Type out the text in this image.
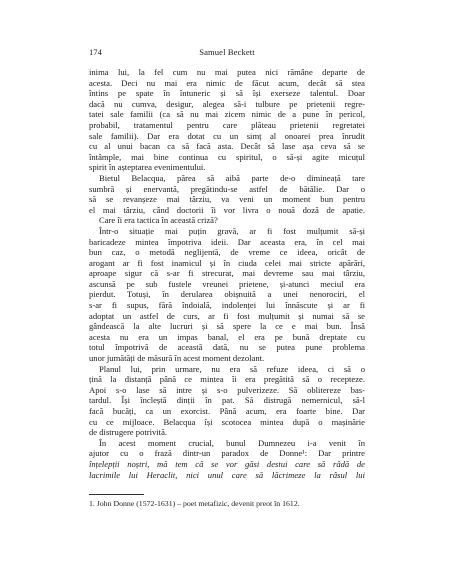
174	Samuel Beckett
inima lui, la fel cum nu mai putea nici rămâne departe de
acesta. Deci nu mai era nimic de făcut acum, decât să stea
întins pe spate în întuneric și să își exerseze talentul. Doar
dacă nu cumva, desigur, alegea să-i tulbure pe prietenii regre-
tatei sale familii (ca să nu mai zicem nimic de a pune în pericol,
probabil, tratamentul pentru care plăteau prietenii regretatei
sale familii). Dar era dotat cu un simț al onoarei prea înrudit
cu al unui bacan ca să facă asta. Decât să lase așa ceva să se
întâmple, mai bine continua cu spiritul, o să-și agite micuțul
spirit în așteptarea evenimentului.
Bietul Belacqua, părea să aibă parte de-o dimineață tare
sumbră și enervantă, pregătindu-se astfel de bătălie. Dar o
să se revanșeze mai târziu, va veni un moment bun pentru
el mai târziu, când doctorii îi vor livra o nouă doză de apatie.
Care îi era tactica în această criză?
Într-o situație mai puțin gravă, ar fi fost mulțumit să-și
baricadeze mintea împotriva ideii. Dar aceasta era, în cel mai
bun caz, o metodă neglijentă, de vreme ce ideea, oricât de
arogant ar fi fost inamicul și în ciuda celei mai stricte apărări,
aproape sigur că s-ar fi strecurat, mai devreme sau mai târziu,
ascunsă pe sub fustele vreunei prietene, și-atunci meciul era
pierdut. Totuși, în derularea obișnuită a unei nenorociri, el
s-ar fi supus, fără îndoială, indolenței lui înnăscute și ar fi
adoptat un astfel de curs, ar fi fost mulțumit și numai să se
gândească la alte lucruri și să spere la ce e mai bun. Însă
acesta nu era un impas banal, el era pe bună dreptate cu
totul împotrivă de această dată, nu se putea pune problema
unor jumătăți de măsură în acest moment dezolant.
Planul lui, prin urmare, nu era să refuze ideea, ci să o
țină la distanță până ce mintea îi era pregătită să o recepteze.
Apoi s-o lase să intre și s-o pulverizeze. Să oblitereze bas-
tardul. Își încleștă dinții în pat. Să distrugă nemernicul, să-l
facă bucăți, ca un exorcist. Până acum, era foarte bine. Dar
cu ce mijloace. Belacqua își scotocea mintea după o mașinărie
de distrugere potrivită.
În acest moment crucial, bunul Dumnezeu i-a venit în
ajutor cu o frază dintr-un paradox de Donne¹: Dar printre
înțelepții noștri, mă tem că se vor găsi destui care să râdă de
lacrimile lui Heraclit, nici unul care să lăcrimeze la râsul lui
1. John Donne (1572-1631) – poet metafizic, devenit preot în 1612.
